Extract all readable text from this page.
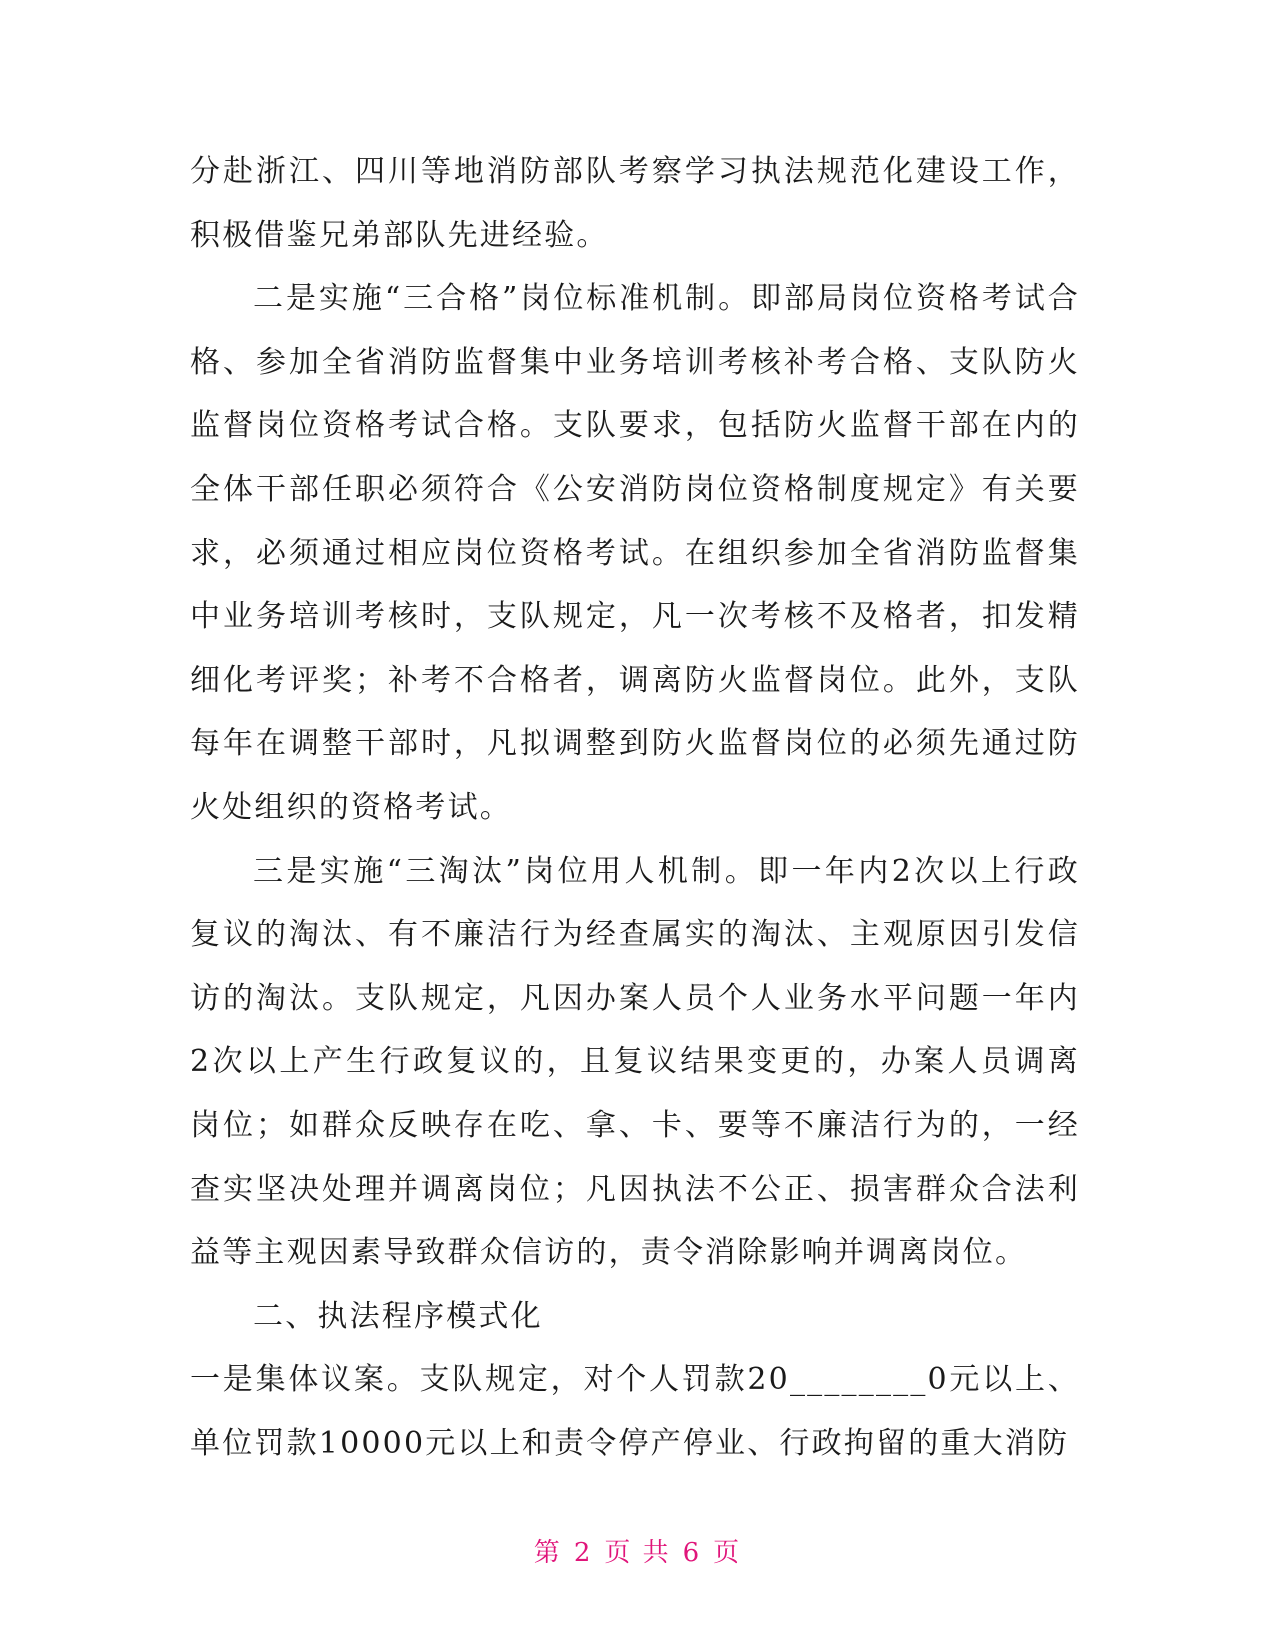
分赴浙江、四川等地消防部队考察学习执法规范化建设工作，积极借鉴兄弟部队先进经验。

二是实施“三合格”岗位标准机制。即部局岗位资格考试合格、参加全省消防监督集中业务培训考核补考合格、支队防火监督岗位资格考试合格。支队要求，包括防火监督干部在内的全体干部任职必须符合《公安消防岗位资格制度规定》有关要求，必须通过相应岗位资格考试。在组织参加全省消防监督集中业务培训考核时，支队规定，凡一次考核不及格者，扣发精细化考评奖；补考不合格者，调离防火监督岗位。此外，支队每年在调整干部时，凡拟调整到防火监督岗位的必须先通过防火处组织的资格考试。

三是实施“三淘汰”岗位用人机制。即一年内2次以上行政复议的淘汰、有不廉洁行为经查属实的淘汰、主观原因引发信访的淘汰。支队规定，凡因办案人员个人业务水平问题一年内2次以上产生行政复议的，且复议结果变更的，办案人员调离岗位；如群众反映存在吃、拿、卡、要等不廉洁行为的，一经查实坚决处理并调离岗位；凡因执法不公正、损害群众合法利益等主观因素导致群众信访的，责令消除影响并调离岗位。

二、执法程序模式化

一是集体议案。支队规定，对个人罚款20________0元以上、单位罚款10000元以上和责令停产停业、行政拘留的重大消防

第 2 页 共 6 页
